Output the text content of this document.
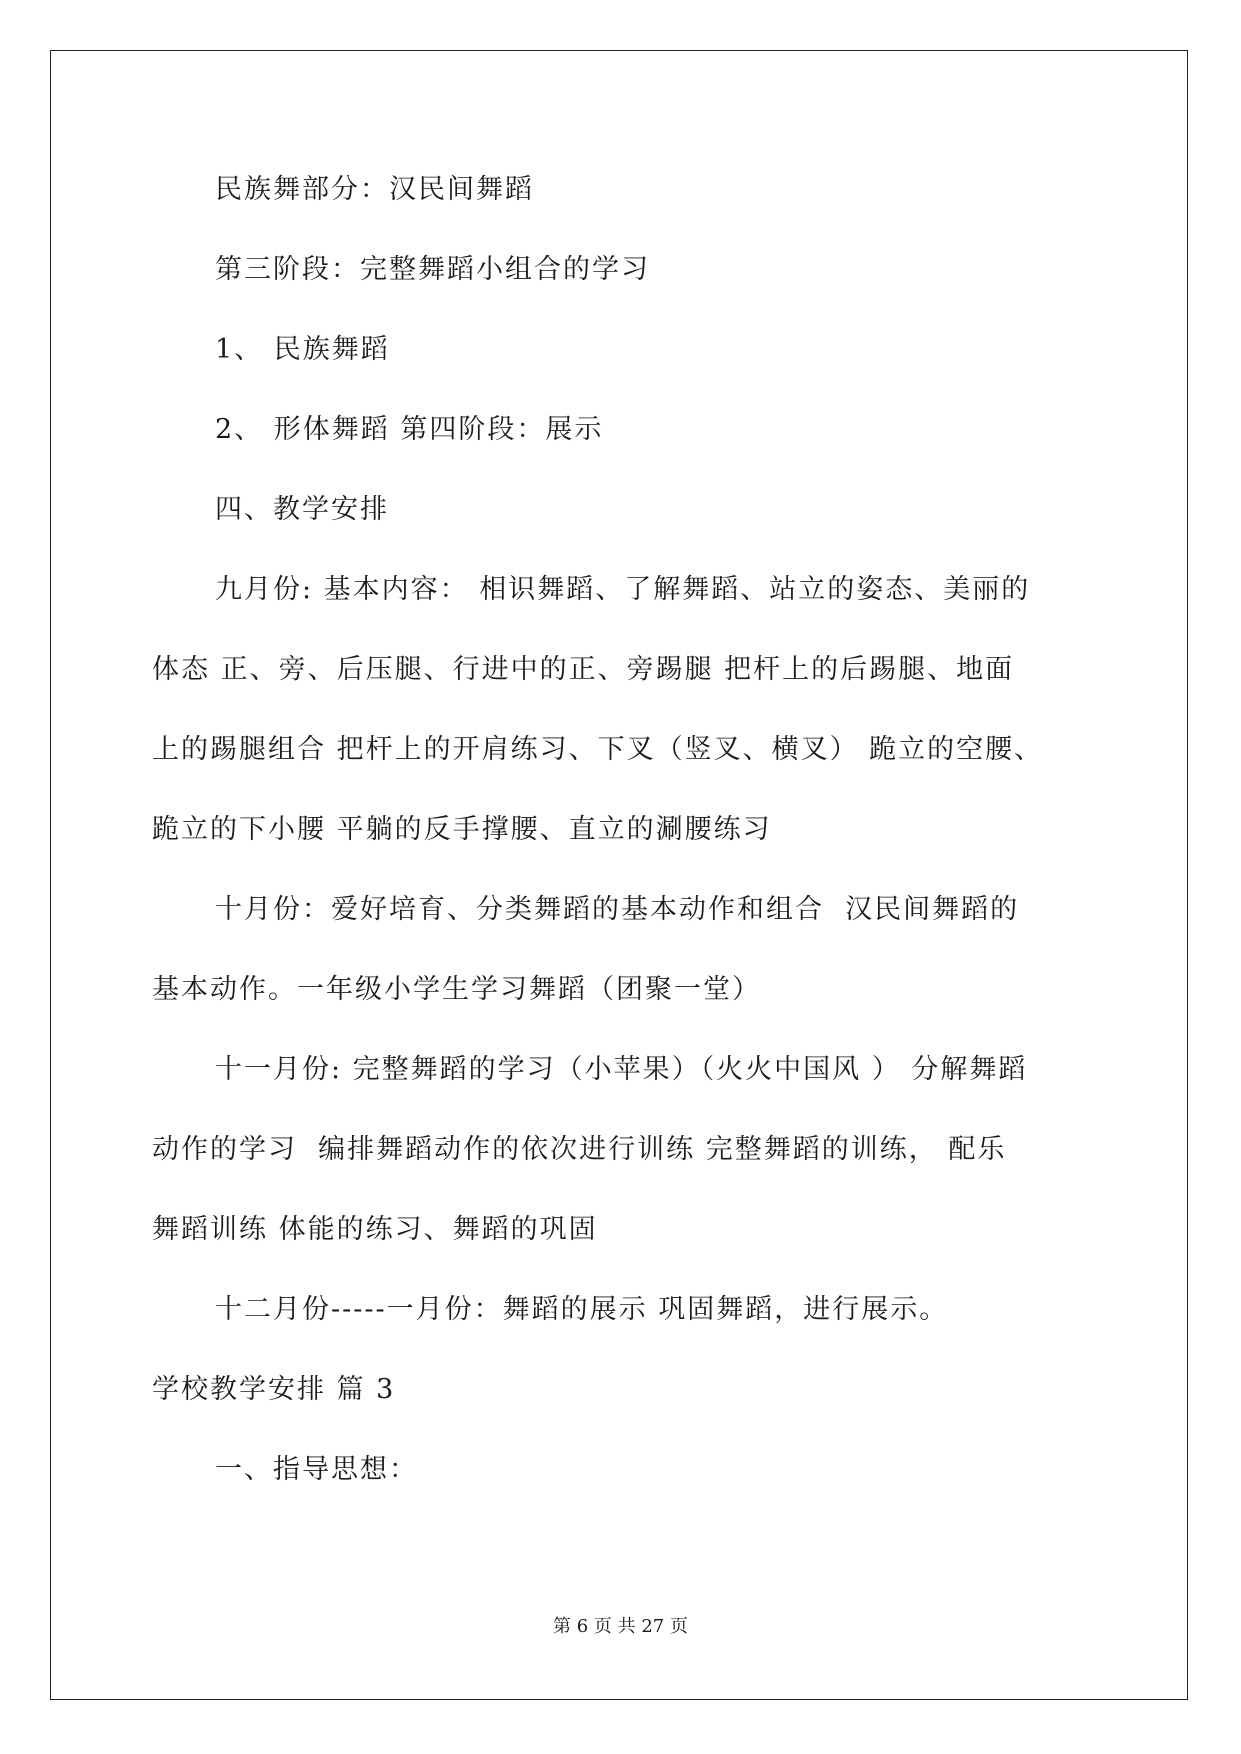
民族舞部分：汉民间舞蹈
第三阶段：完整舞蹈小组合的学习
1、 民族舞蹈
2、 形体舞蹈 第四阶段：展示
四、教学安排
九月份: 基本内容： 相识舞蹈、了解舞蹈、站立的姿态、美丽的
体态 正、旁、后压腿、行进中的正、旁踢腿 把杆上的后踢腿、地面
上的踢腿组合 把杆上的开肩练习、下叉（竖叉、横叉） 跪立的空腰、
跪立的下小腰 平躺的反手撑腰、直立的涮腰练习
十月份：爱好培育、分类舞蹈的基本动作和组合  汉民间舞蹈的
基本动作。一年级小学生学习舞蹈（团聚一堂）
十一月份: 完整舞蹈的学习（小苹果）（火火中国风 ） 分解舞蹈
动作的学习  编排舞蹈动作的依次进行训练 完整舞蹈的训练， 配乐
舞蹈训练 体能的练习、舞蹈的巩固
十二月份-----一月份：舞蹈的展示 巩固舞蹈，进行展示。
学校教学安排 篇 3
一、指导思想：
第 6 页 共 27 页
